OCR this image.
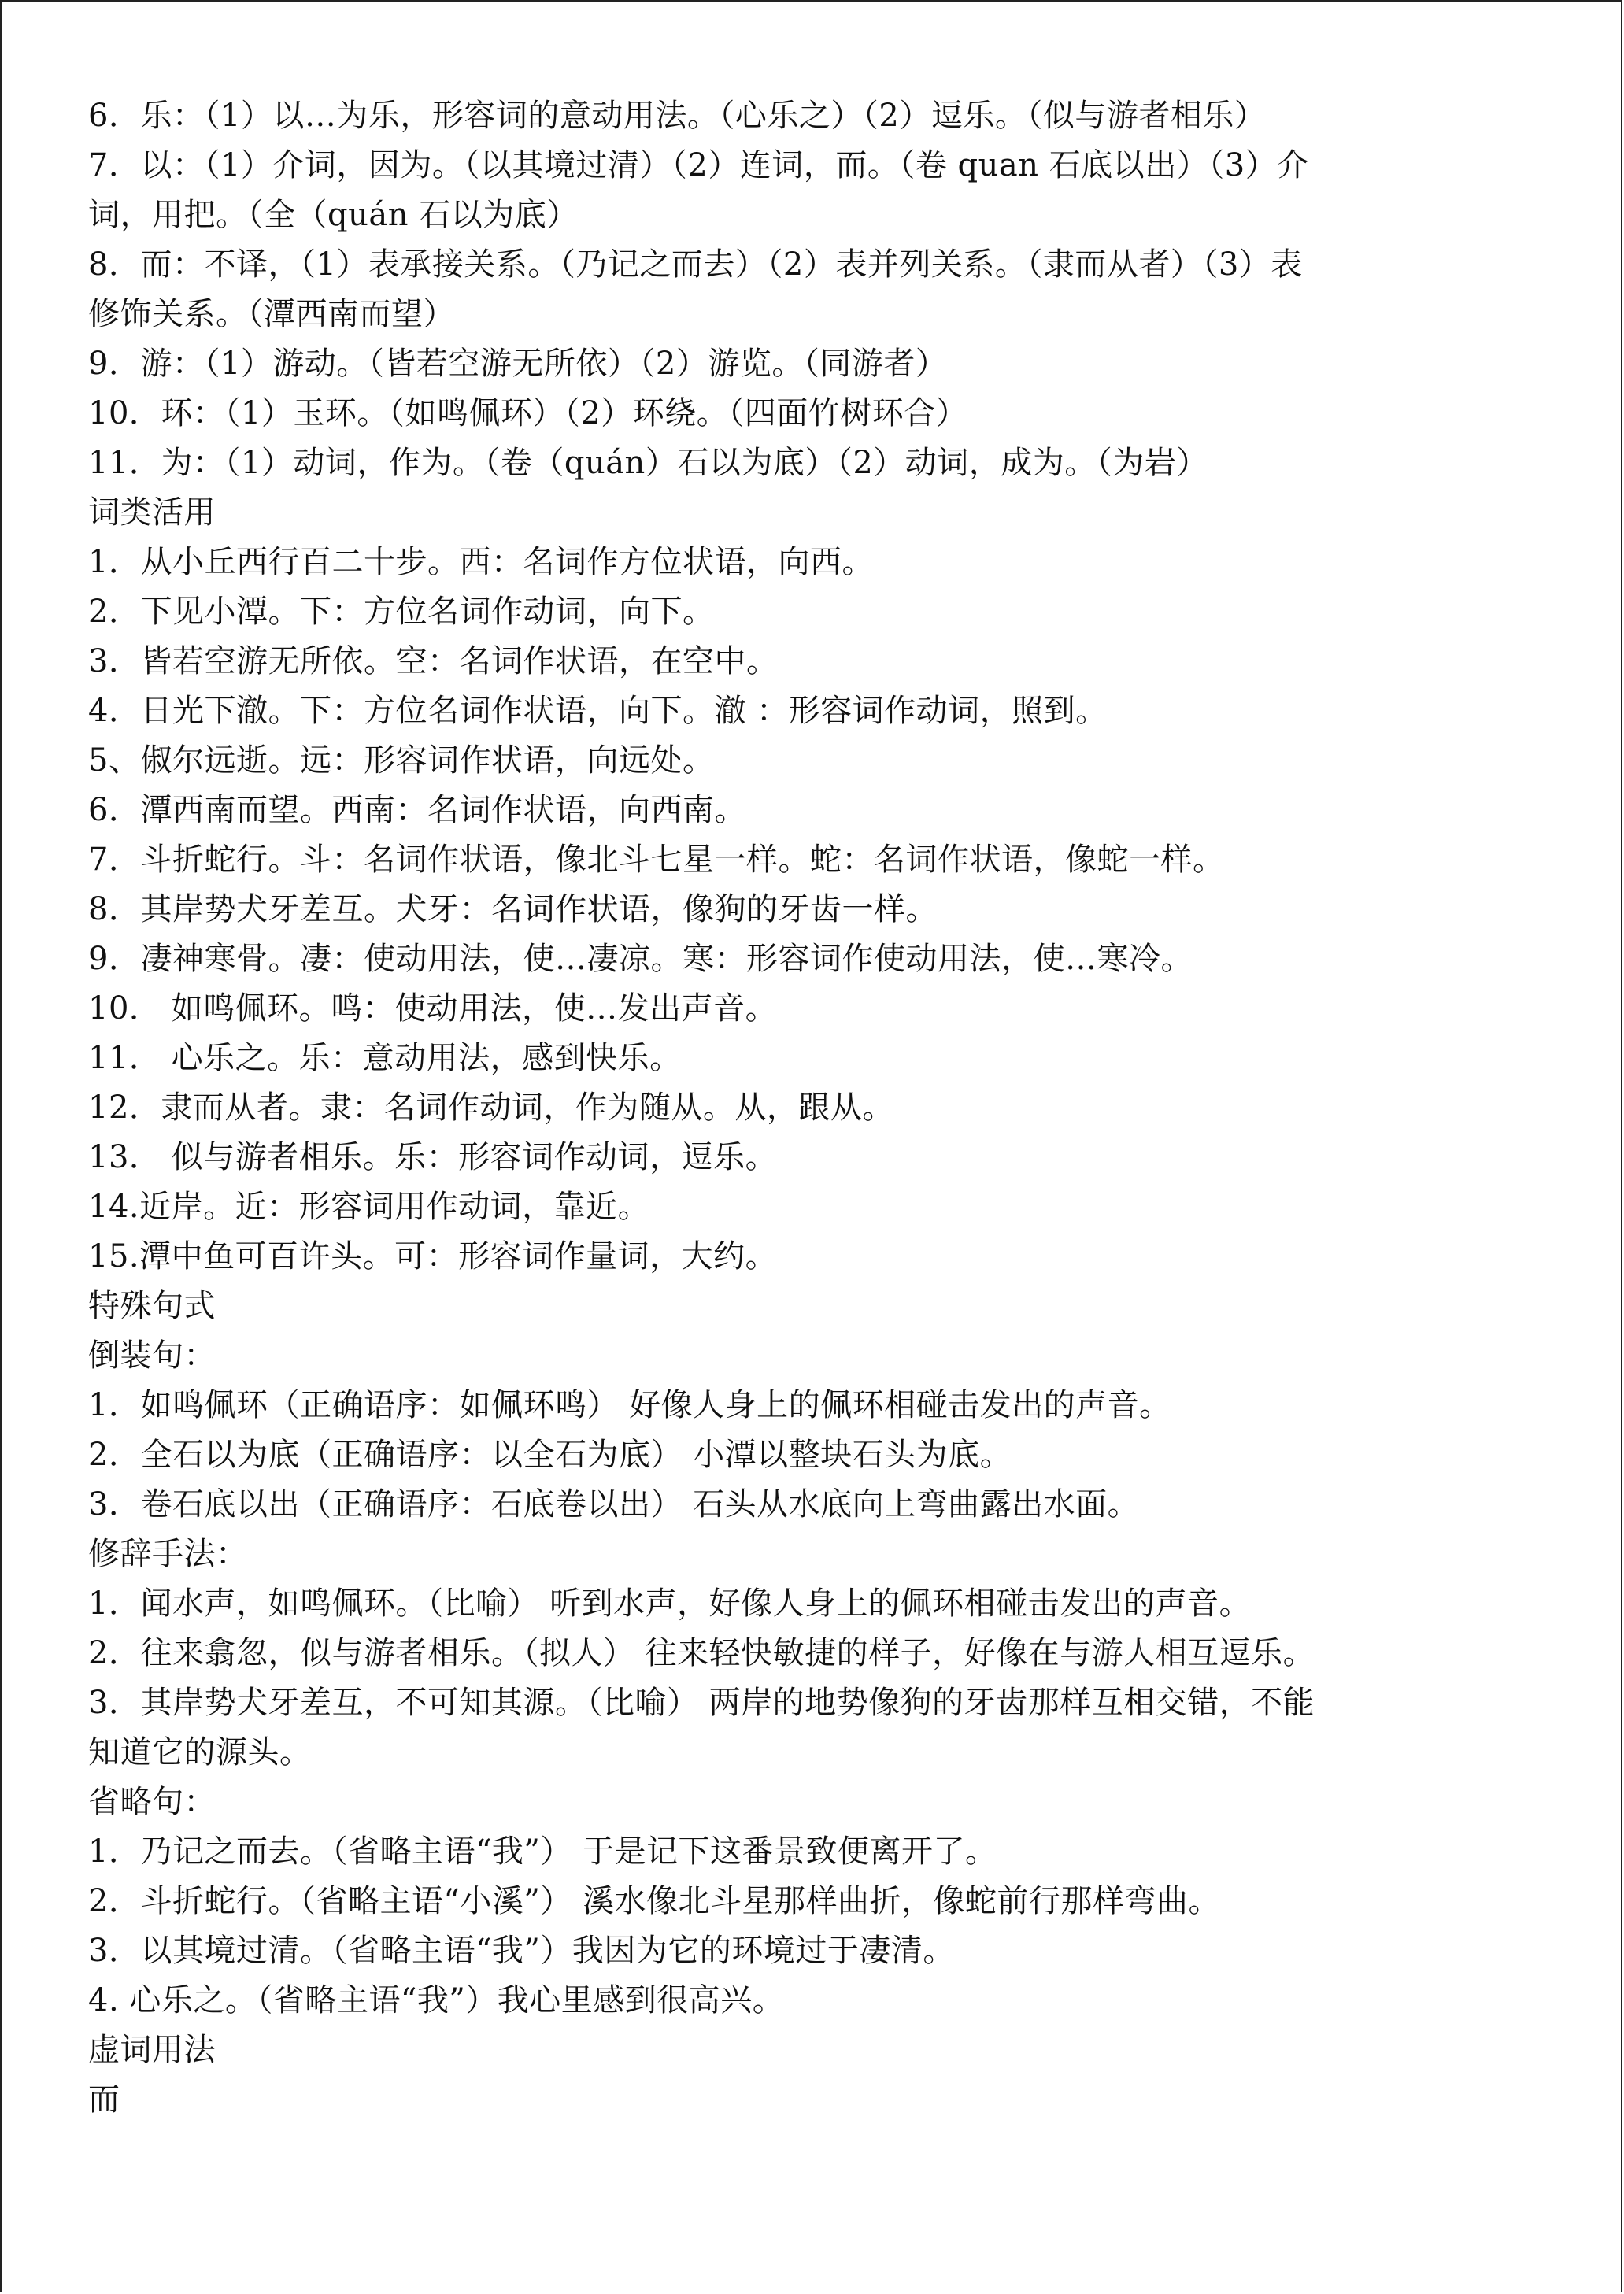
6．乐：（1）以…为乐，形容词的意动用法。（心乐之）（2）逗乐。（似与游者相乐）
7．以：（1）介词，因为。（以其境过清）（2）连词，而。（卷 quan 石底以出）（3）介
词，用把。（全（quán 石以为底）
8．而：不译，（1）表承接关系。（乃记之而去）（2）表并列关系。（隶而从者）（3）表
修饰关系。（潭西南而望）
9．游：（1）游动。（皆若空游无所依）（2）游览。（同游者）
10．环：（1）玉环。（如鸣佩环）（2）环绕。（四面竹树环合）
11．为：（1）动词，作为。（卷（quán）石以为底）（2）动词，成为。（为岩）
词类活用
1．从小丘西行百二十步。西：名词作方位状语，向西。
2．下见小潭。下：方位名词作动词，向下。
3．皆若空游无所依。空：名词作状语，在空中。
4．日光下澈。下：方位名词作状语，向下。澈 ：形容词作动词，照到。
5、俶尔远逝。远：形容词作状语，向远处。
6．潭西南而望。西南：名词作状语，向西南。
7．斗折蛇行。斗：名词作状语，像北斗七星一样。蛇：名词作状语，像蛇一样。
8．其岸势犬牙差互。犬牙：名词作状语，像狗的牙齿一样。
9．凄神寒骨。凄：使动用法，使…凄凉。寒：形容词作使动用法，使…寒冷。
10． 如鸣佩环。鸣：使动用法，使…发出声音。
11． 心乐之。乐：意动用法，感到快乐。
12．隶而从者。隶：名词作动词，作为随从。从，跟从。
13． 似与游者相乐。乐：形容词作动词，逗乐。
14.近岸。近：形容词用作动词，靠近。
15.潭中鱼可百许头。可：形容词作量词，大约。
特殊句式
倒装句：
1．如鸣佩环（正确语序：如佩环鸣） 好像人身上的佩环相碰击发出的声音。
2．全石以为底（正确语序：以全石为底） 小潭以整块石头为底。
3．卷石底以出（正确语序：石底卷以出） 石头从水底向上弯曲露出水面。
修辞手法：
1．闻水声，如鸣佩环。（比喻） 听到水声，好像人身上的佩环相碰击发出的声音。
2．往来翕忽，似与游者相乐。（拟人） 往来轻快敏捷的样子，好像在与游人相互逗乐。
3．其岸势犬牙差互，不可知其源。（比喻） 两岸的地势像狗的牙齿那样互相交错，不能
知道它的源头。
省略句：
1．乃记之而去。（省略主语“我”） 于是记下这番景致便离开了。
2．斗折蛇行。（省略主语“小溪”） 溪水像北斗星那样曲折，像蛇前行那样弯曲。
3．以其境过清。（省略主语“我”）我因为它的环境过于凄清。
4. 心乐之。（省略主语“我”）我心里感到很高兴。
虚词用法
而
